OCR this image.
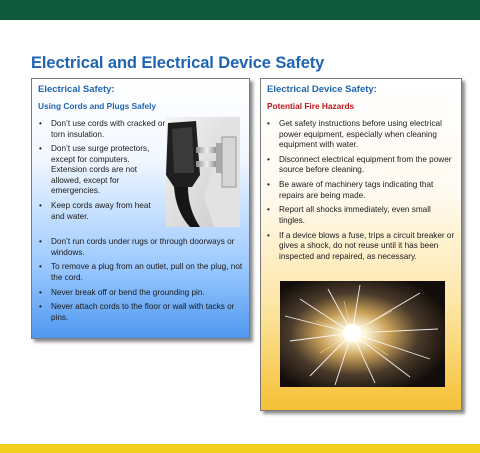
Electrical and Electrical Device Safety
Electrical Safety:
Using Cords and Plugs Safely
• Don’t use cords with cracked or torn insulation.
• Don’t use surge protectors, except for computers. Extension cords are not allowed, except for emergencies.
• Keep cords away from heat and water.
• Don’t run cords under rugs or through doorways or windows.
• To remove a plug from an outlet, pull on the plug, not the cord.
• Never break off or bend the grounding pin.
• Never attach cords to the floor or wall with tacks or pins.
Electrical Device Safety:
Potential Fire Hazards
• Get safety instructions before using electrical power equipment, especially when cleaning equipment with water.
• Disconnect electrical equipment from the power source before cleaning.
• Be aware of machinery tags indicating that repairs are being made.
• Report all shocks immediately, even small tingles.
• If a device blows a fuse, trips a circuit breaker or gives a shock, do not reuse until it has been inspected and repaired, as necessary.
